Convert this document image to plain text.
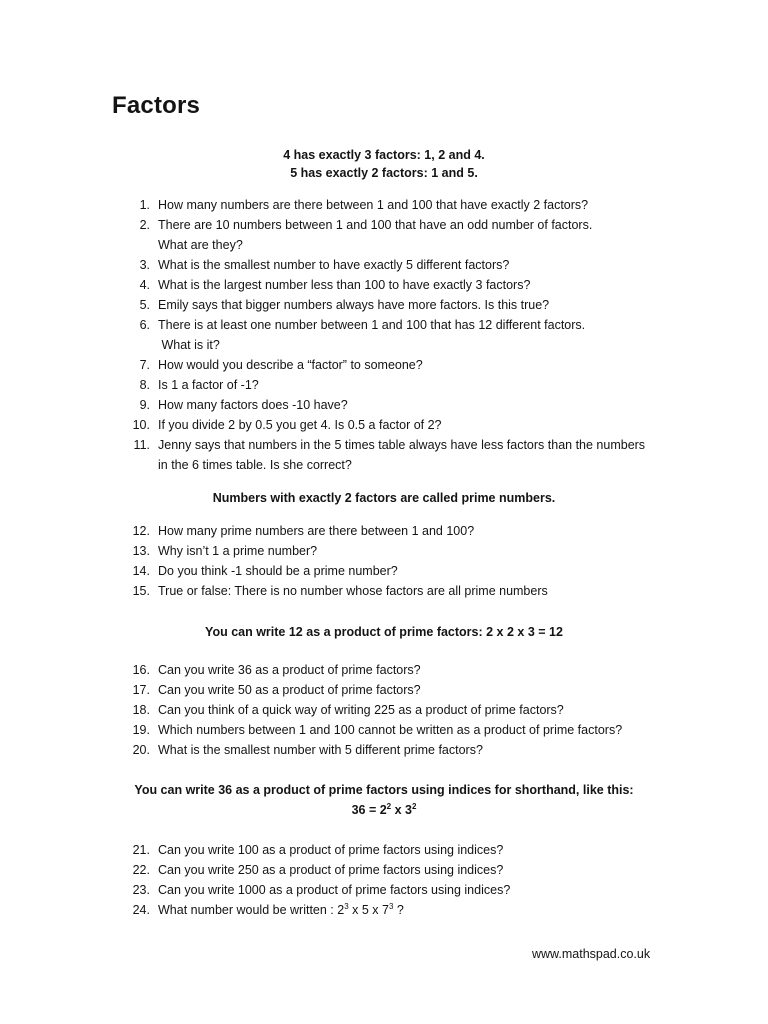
Factors
4 has exactly 3 factors: 1, 2 and 4.
5 has exactly 2 factors: 1 and 5.
1. How many numbers are there between 1 and 100 that have exactly 2 factors?
2. There are 10 numbers between 1 and 100 that have an odd number of factors.
What are they?
3. What is the smallest number to have exactly 5 different factors?
4. What is the largest number less than 100 to have exactly 3 factors?
5. Emily says that bigger numbers always have more factors. Is this true?
6. There is at least one number between 1 and 100 that has 12 different factors.
What is it?
7. How would you describe a “factor” to someone?
8. Is 1 a factor of -1?
9. How many factors does -10 have?
10. If you divide 2 by 0.5 you get 4. Is 0.5 a factor of 2?
11. Jenny says that numbers in the 5 times table always have less factors than the numbers
in the 6 times table. Is she correct?
Numbers with exactly 2 factors are called prime numbers.
12. How many prime numbers are there between 1 and 100?
13. Why isn’t 1 a prime number?
14. Do you think -1 should be a prime number?
15. True or false: There is no number whose factors are all prime numbers
You can write 12 as a product of prime factors: 2 x 2 x 3 = 12
16. Can you write 36 as a product of prime factors?
17. Can you write 50 as a product of prime factors?
18. Can you think of a quick way of writing 225 as a product of prime factors?
19. Which numbers between 1 and 100 cannot be written as a product of prime factors?
20. What is the smallest number with 5 different prime factors?
You can write 36 as a product of prime factors using indices for shorthand, like this:
$36 = 2^2$ x $3^2$
21. Can you write 100 as a product of prime factors using indices?
22. Can you write 250 as a product of prime factors using indices?
23. Can you write 1000 as a product of prime factors using indices?
24. What number would be written : $2^3$ x 5 x $7^3$ ?
www.mathspad.co.uk
